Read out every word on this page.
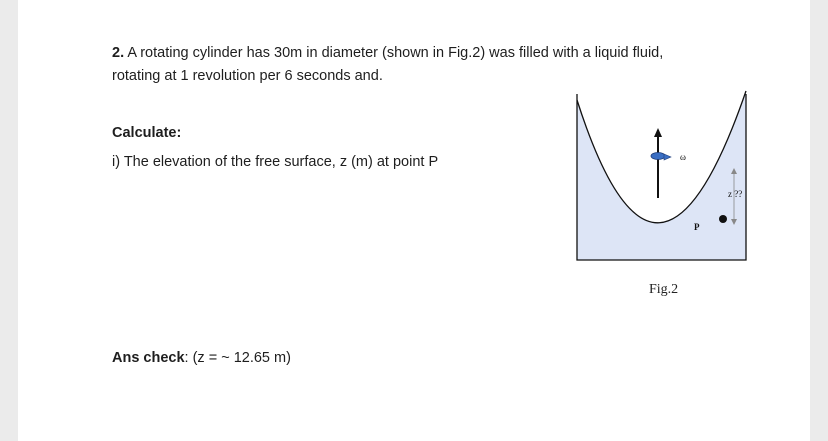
2. A rotating cylinder has 30m in diameter (shown in Fig.2) was filled with a liquid fluid,
rotating at 1 revolution per 6 seconds and.
Calculate:
i) The elevation of the free surface, z (m) at point P	ω
z ??
P
Fig.2
Ans check: (z = ~ 12.65 m)
